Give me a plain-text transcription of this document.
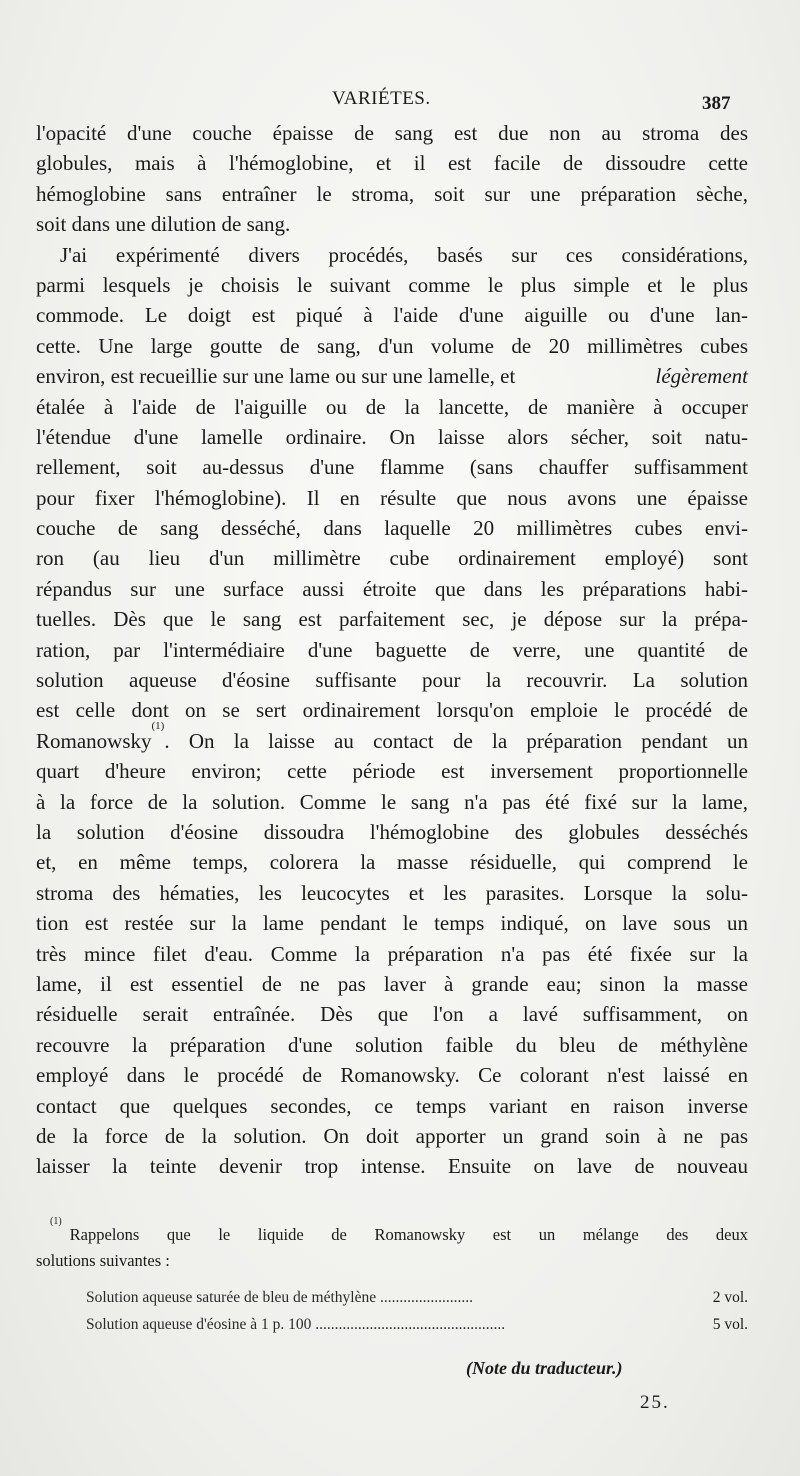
VARIÉTES.	387
l'opacité d'une couche épaisse de sang est due non au stroma des
globules, mais à l'hémoglobine, et il est facile de dissoudre cette
hémoglobine sans entraîner le stroma, soit sur une préparation sèche,
soit dans une dilution de sang.
J'ai expérimenté divers procédés, basés sur ces considérations,
parmi lesquels je choisis le suivant comme le plus simple et le plus
commode. Le doigt est piqué à l'aide d'une aiguille ou d'une lan-
cette. Une large goutte de sang, d'un volume de 20 millimètres cubes
environ, est recueillie sur une lame ou sur une lamelle, et	légèrement
étalée à l'aide de l'aiguille ou de la lancette, de manière à occuper
l'étendue d'une lamelle ordinaire. On laisse alors sécher, soit natu-
rellement, soit au-dessus d'une flamme (sans chauffer suffisamment
pour fixer l'hémoglobine). Il en résulte que nous avons une épaisse
couche de sang desséché, dans laquelle 20 millimètres cubes envi-
ron (au lieu d'un millimètre cube ordinairement employé) sont
répandus sur une surface aussi étroite que dans les préparations habi-
tuelles. Dès que le sang est parfaitement sec, je dépose sur la prépa-
ration, par l'intermédiaire d'une baguette de verre, une quantité de
solution aqueuse d'éosine suffisante pour la recouvrir. La solution
est celle dont on se sert ordinairement lorsqu'on emploie le procédé de
Romanowsky
(1)
. On la laisse au contact de la préparation pendant un
quart d'heure environ; cette période est inversement proportionnelle
à la force de la solution. Comme le sang n'a pas été fixé sur la lame,
la solution d'éosine dissoudra l'hémoglobine des globules desséchés
et, en même temps, colorera la masse résiduelle, qui comprend le
stroma des hématies, les leucocytes et les parasites. Lorsque la solu-
tion est restée sur la lame pendant le temps indiqué, on lave sous un
très mince filet d'eau. Comme la préparation n'a pas été fixée sur la
lame, il est essentiel de ne pas laver à grande eau; sinon la masse
résiduelle serait entraînée. Dès que l'on a lavé suffisamment, on
recouvre la préparation d'une solution faible du bleu de méthylène
employé dans le procédé de Romanowsky. Ce colorant n'est laissé en
contact que quelques secondes, ce temps variant en raison inverse
de la force de la solution. On doit apporter un grand soin à ne pas
laisser la teinte devenir trop intense. Ensuite on lave de nouveau
(1)
Rappelons que le liquide de Romanowsky est un mélange des deux
solutions suivantes :
Solution aqueuse saturée de bleu de méthylène ........................	2 vol.
Solution aqueuse d'éosine à 1 p. 100 .................................................	5 vol.
(Note du traducteur.)
25.
